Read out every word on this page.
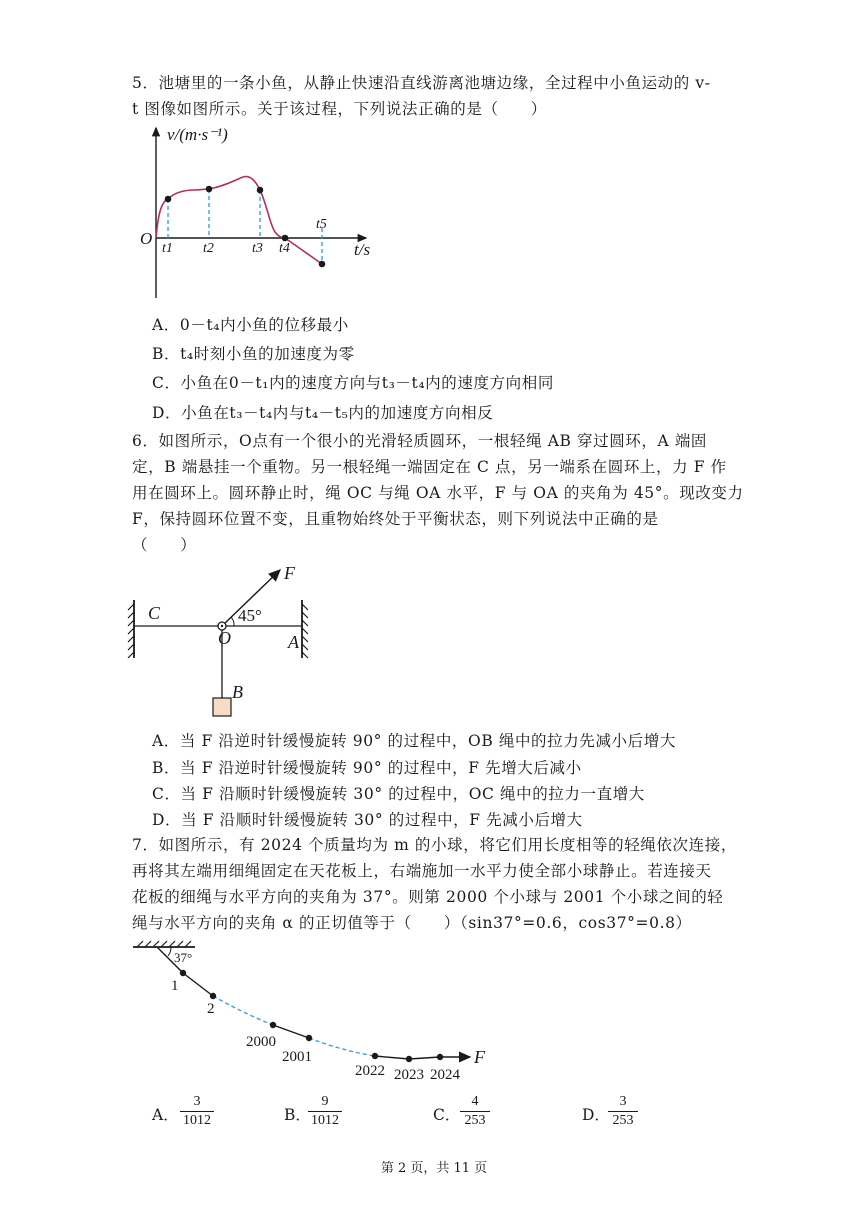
5．池塘里的一条小鱼，从静止快速沿直线游离池塘边缘，全过程中小鱼运动的 v-
t 图像如图所示。关于该过程，下列说法正确的是（　　）
v/(m·s⁻¹)
O
t/s
t1 t2	t3 t4
t5
A．0－t₄内小鱼的位移最小
B．t₄时刻小鱼的加速度为零
C．小鱼在0－t₁内的速度方向与t₃－t₄内的速度方向相同
D．小鱼在t₃－t₄内与t₄－t₅内的加速度方向相反
6．如图所示，O点有一个很小的光滑轻质圆环，一根轻绳 AB 穿过圆环，A 端固
定，B 端悬挂一个重物。另一根轻绳一端固定在 C 点，另一端系在圆环上，力 F 作
用在圆环上。圆环静止时，绳 OC 与绳 OA 水平，F 与 OA 的夹角为 45°。现改变力
F，保持圆环位置不变，且重物始终处于平衡状态，则下列说法中正确的是
（　　）
C
O	A
B
F
45°
A．当 F 沿逆时针缓慢旋转 90° 的过程中，OB 绳中的拉力先减小后增大
B．当 F 沿逆时针缓慢旋转 90° 的过程中，F 先增大后减小
C．当 F 沿顺时针缓慢旋转 30° 的过程中，OC 绳中的拉力一直增大
D．当 F 沿顺时针缓慢旋转 30° 的过程中，F 先减小后增大
7．如图所示，有 2024 个质量均为 m 的小球，将它们用长度相等的轻绳依次连接，
再将其左端用细绳固定在天花板上，右端施加一水平力使全部小球静止。若连接天
花板的细绳与水平方向的夹角为 37°。则第 2000 个小球与 2001 个小球之间的轻
绳与水平方向的夹角 α 的正切值等于（　　）（sin37°=0.6，cos37°=0.8）
37°
1
2
2000
2001
2022 2023 2024
F
A． $\frac{3}{1012}$	B．
$\frac{9}{1012}$	C． $\frac{4}{253}$	D．
$\frac{3}{253}$
第 2 页，共 11 页
